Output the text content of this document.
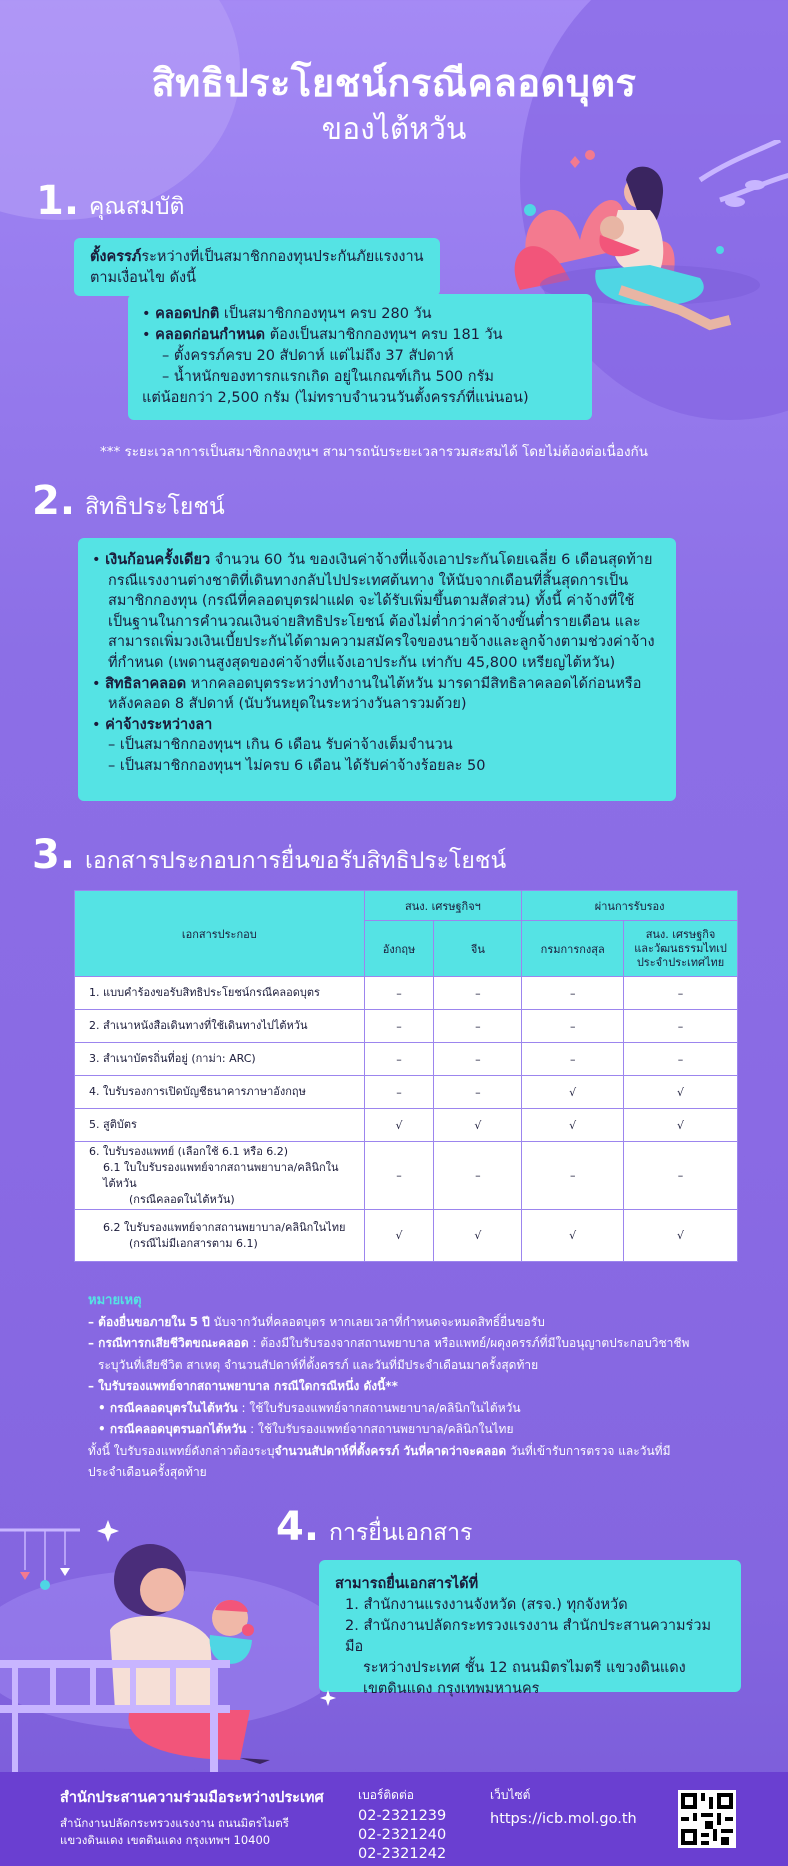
สิทธิประโยชน์กรณีคลอดบุตร
ของไต้หวัน
1. คุณสมบัติ
ตั้งครรภ์ระหว่างที่เป็นสมาชิกกองทุนประกันภัยแรงงาน
ตามเงื่อนไข ดังนี้
• คลอดปกติ เป็นสมาชิกกองทุนฯ ครบ 280 วัน
• คลอดก่อนกำหนด ต้องเป็นสมาชิกกองทุนฯ ครบ 181 วัน
– ตั้งครรภ์ครบ 20 สัปดาห์ แต่ไม่ถึง 37 สัปดาห์
– น้ำหนักของทารกแรกเกิด อยู่ในเกณฑ์เกิน 500 กรัม
แต่น้อยกว่า 2,500 กรัม (ไม่ทราบจำนวนวันตั้งครรภ์ที่แน่นอน)
*** ระยะเวลาการเป็นสมาชิกกองทุนฯ สามารถนับระยะเวลารวมสะสมได้ โดยไม่ต้องต่อเนื่องกัน
2. สิทธิประโยชน์
• เงินก้อนครั้งเดียว จำนวน 60 วัน ของเงินค่าจ้างที่แจ้งเอาประกันโดยเฉลี่ย 6 เดือนสุดท้าย
กรณีแรงงานต่างชาติที่เดินทางกลับไปประเทศต้นทาง ให้นับจากเดือนที่สิ้นสุดการเป็น
สมาชิกกองทุน (กรณีที่คลอดบุตรฝาแฝด จะได้รับเพิ่มขึ้นตามสัดส่วน) ทั้งนี้ ค่าจ้างที่ใช้
เป็นฐานในการคำนวณเงินจ่ายสิทธิประโยชน์ ต้องไม่ต่ำกว่าค่าจ้างขั้นต่ำรายเดือน และ
สามารถเพิ่มวงเงินเบี้ยประกันได้ตามความสมัครใจของนายจ้างและลูกจ้างตามช่วงค่าจ้าง
ที่กำหนด (เพดานสูงสุดของค่าจ้างที่แจ้งเอาประกัน เท่ากับ 45,800 เหรียญไต้หวัน)
• สิทธิลาคลอด หากคลอดบุตรระหว่างทำงานในไต้หวัน มารดามีสิทธิลาคลอดได้ก่อนหรือ
หลังคลอด 8 สัปดาห์ (นับวันหยุดในระหว่างวันลารวมด้วย)
• ค่าจ้างระหว่างลา
– เป็นสมาชิกกองทุนฯ เกิน 6 เดือน รับค่าจ้างเต็มจำนวน
– เป็นสมาชิกกองทุนฯ ไม่ครบ 6 เดือน ได้รับค่าจ้างร้อยละ 50
3. เอกสารประกอบการยื่นขอรับสิทธิประโยชน์
เอกสารประกอบ	สนง. เศรษฐกิจฯ		ผ่านการรับรอง	
	อังกฤษ	จีน	กรมการกงสุล	สนง. เศรษฐกิจ
และวัฒนธรรมไทเป
ประจำประเทศไทย

1. แบบคำร้องขอรับสิทธิประโยชน์กรณีคลอดบุตร	–	–	–	–
2. สำเนาหนังสือเดินทางที่ใช้เดินทางไปไต้หวัน	–	–	–	–
3. สำเนาบัตรถิ่นที่อยู่ (กาม่า: ARC)	–	–	–	–
4. ใบรับรองการเปิดบัญชีธนาคารภาษาอังกฤษ	–	–	√	√
5. สูติบัตร	√	√	√	√

6. ใบรับรองแพทย์ (เลือกใช้ 6.1 หรือ 6.2)
6.1 ใบใบรับรองแพทย์จากสถานพยาบาล/คลินิกในไต้หวัน
(กรณีคลอดในไต้หวัน)	–	–	–	–

6.2 ใบรับรองแพทย์จากสถานพยาบาล/คลินิกในไทย
(กรณีไม่มีเอกสารตาม 6.1)	√	√	√	√
หมายเหตุ
– ต้องยื่นขอภายใน 5 ปี นับจากวันที่คลอดบุตร หากเลยเวลาที่กำหนดจะหมดสิทธิ์ยื่นขอรับ
– กรณีทารกเสียชีวิตขณะคลอด : ต้องมีใบรับรองจากสถานพยาบาล หรือแพทย์/ผดุงครรภ์ที่มีใบอนุญาตประกอบวิชาชีพ
ระบุวันที่เสียชีวิต สาเหตุ จำนวนสัปดาห์ที่ตั้งครรภ์ และวันที่มีประจำเดือนมาครั้งสุดท้าย
– ใบรับรองแพทย์จากสถานพยาบาล กรณีใดกรณีหนึ่ง ดังนี้**
• กรณีคลอดบุตรในไต้หวัน : ใช้ใบรับรองแพทย์จากสถานพยาบาล/คลินิกในไต้หวัน
• กรณีคลอดบุตรนอกไต้หวัน : ใช้ใบรับรองแพทย์จากสถานพยาบาล/คลินิกในไทย
ทั้งนี้ ใบรับรองแพทย์ดังกล่าวต้องระบุจำนวนสัปดาห์ที่ตั้งครรภ์ วันที่คาดว่าจะคลอด วันที่เข้ารับการตรวจ และวันที่มี
ประจำเดือนครั้งสุดท้าย
4. การยื่นเอกสาร
สามารถยื่นเอกสารได้ที่
1. สำนักงานแรงงานจังหวัด (สรจ.) ทุกจังหวัด
2. สำนักงานปลัดกระทรวงแรงงาน สำนักประสานความร่วมมือ
ระหว่างประเทศ ชั้น 12 ถนนมิตรไมตรี แขวงดินแดง
เขตดินแดง กรุงเทพมหานคร
สำนักประสานความร่วมมือระหว่างประเทศ
สำนักงานปลัดกระทรวงแรงงาน ถนนมิตรไมตรี
แขวงดินแดง เขตดินแดง กรุงเทพฯ 10400
เบอร์ติดต่อ
02-2321239
02-2321240
02-2321242
เว็บไซต์
https://icb.mol.go.th
